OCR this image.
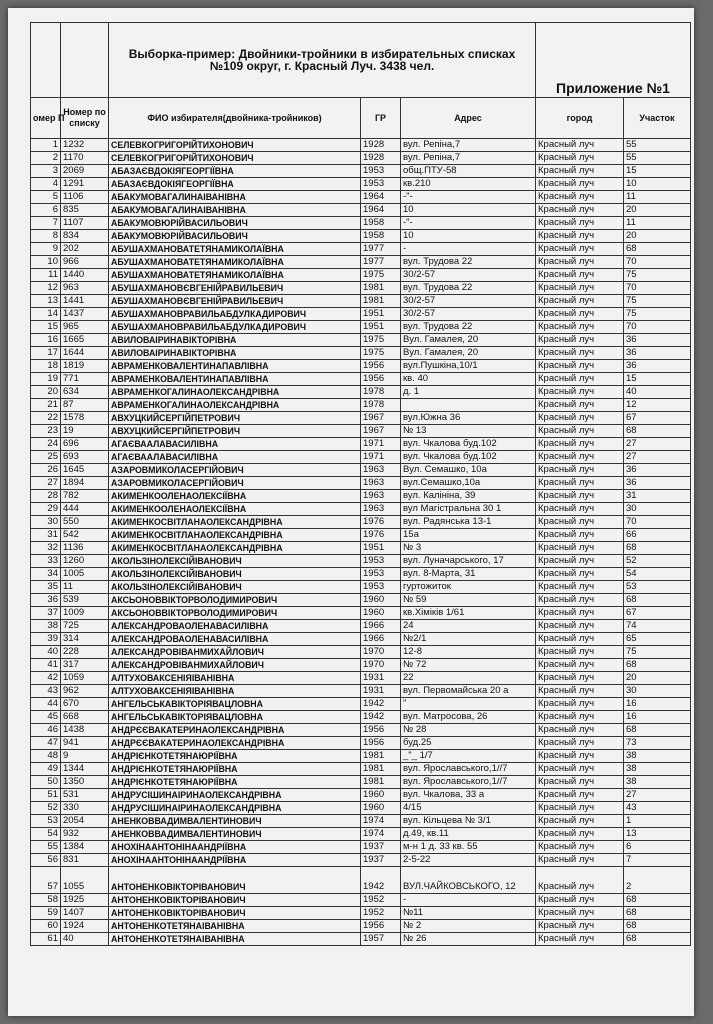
		Выборка-пример: Двойники-тройники в избирательных списках
№109 округ, г. Красный Луч. 3438 чел.			Приложение №1	
омер П	Номер по списку	ФИО избирателя(двойника-тройников)	ГР	Адрес	город	Участок
1	1232	СЕЛЕВКОГРИГОРІЙТИХОНОВИЧ	1928	вул. Репіна,7	Красный луч	55
2	1170	СЕЛЕВКОГРИГОРІЙТИХОНОВИЧ	1928	вул. Репіна,7	Красный луч	55
3	2069	АБАЗАЄВДОКІЯГЕОРГІЇВНА	1953	общ.ПТУ-58	Красный луч	15
4	1291	АБАЗАЄВДОКІЯГЕОРГІЇВНА	1953	кв.210	Красный луч	10
5	1106	АБАКУМОВАГАЛИНАІВАНІВНА	1964	-"-	Красный луч	11
6	835	АБАКУМОВАГАЛИНАІВАНІВНА	1964	10	Красный луч	20
7	1107	АБАКУМОВЮРІЙВАСИЛЬОВИЧ	1958	-"-	Красный луч	11
8	834	АБАКУМОВЮРІЙВАСИЛЬОВИЧ	1958	10	Красный луч	20
9	202	АБУШАХМАНОВАТЕТЯНАМИКОЛАЇВНА	1977	-	Красный луч	68
10	966	АБУШАХМАНОВАТЕТЯНАМИКОЛАЇВНА	1977	вул. Трудова 22	Красный луч	70
11	1440	АБУШАХМАНОВАТЕТЯНАМИКОЛАЇВНА	1975	30/2-57	Красный луч	75
12	963	АБУШАХМАНОВЄВГЕНІЙРАВИЛЬЕВИЧ	1981	вул. Трудова 22	Красный луч	70
13	1441	АБУШАХМАНОВЄВГЕНІЙРАВИЛЬЕВИЧ	1981	30/2-57	Красный луч	75
14	1437	АБУШАХМАНОВРАВИЛЬАБДУЛКАДИРОВИЧ	1951	30/2-57	Красный луч	75
15	965	АБУШАХМАНОВРАВИЛЬАБДУЛКАДИРОВИЧ	1951	вул. Трудова 22	Красный луч	70
16	1665	АВИЛОВАІРИНАВІКТОРІВНА	1975	Вул. Гамалея, 20	Красный луч	36
17	1644	АВИЛОВАІРИНАВІКТОРІВНА	1975	Вул. Гамалея, 20	Красный луч	36
18	1819	АВРАМЕНКОВАЛЕНТИНАПАВЛІВНА	1956	вул.Пушкіна,10/1	Красный луч	36
19	771	АВРАМЕНКОВАЛЕНТИНАПАВЛІВНА	1956	кв. 40	Красный луч	15
20	634	АВРАМЕНКОГАЛИНАОЛЕКСАНДРІВНА	1978	д. 1	Красный луч	40
21	87	АВРАМЕНКОГАЛИНАОЛЕКСАНДРІВНА	1978		Красный луч	12
22	1578	АВХУЦКИЙСЕРГІЙПЕТРОВИЧ	1967	вул.Южна 36	Красный луч	67
23	19	АВХУЦКИЙСЕРГІЙПЕТРОВИЧ	1967	№ 13	Красный луч	68
24	696	АГАЄВААЛАВАСИЛІВНА	1971	вул. Чкалова буд.102	Красный луч	27
25	693	АГАЄВААЛАВАСИЛІВНА	1971	вул. Чкалова буд.102	Красный луч	27
26	1645	АЗАРОВМИКОЛАСЕРГІЙОВИЧ	1963	Вул. Семашко, 10а	Красный луч	36
27	1894	АЗАРОВМИКОЛАСЕРГІЙОВИЧ	1963	вул.Семашко,10а	Красный луч	36
28	782	АКИМЕНКООЛЕНАОЛЕКСІЇВНА	1963	вул. Калініна, 39	Красный луч	31
29	444	АКИМЕНКООЛЕНАОЛЕКСІЇВНА	1963	вул Магістральна 30 1	Красный луч	30
30	550	АКИМЕНКОСВІТЛАНАОЛЕКСАНДРІВНА	1976	вул. Радянська 13-1	Красный луч	70
31	542	АКИМЕНКОСВІТЛАНАОЛЕКСАНДРІВНА	1976	15а	Красный луч	66
32	1136	АКИМЕНКОСВІТЛАНАОЛЕКСАНДРІВНА	1951	№ 3	Красный луч	68
33	1260	АКОЛЬЗІНОЛЕКСІЙІВАНОВИЧ	1953	вул. Луначарського, 17	Красный луч	52
34	1005	АКОЛЬЗІНОЛЕКСІЙІВАНОВИЧ	1953	вул. 8-Марта, 31	Красный луч	54
35	11	АКОЛЬЗІНОЛЕКСІЙІВАНОВИЧ	1953	гуртожиток	Красный луч	53
36	539	АКСЬОНОВВІКТОРВОЛОДИМИРОВИЧ	1960	№ 59	Красный луч	68
37	1009	АКСЬОНОВВІКТОРВОЛОДИМИРОВИЧ	1960	кв.Хіміків 1/61	Красный луч	67
38	725	АЛЕКСАНДРОВАОЛЕНАВАСИЛІВНА	1966	24	Красный луч	74
39	314	АЛЕКСАНДРОВАОЛЕНАВАСИЛІВНА	1966	№2/1	Красный луч	65
40	228	АЛЕКСАНДРОВІВАНМИХАЙЛОВИЧ	1970	12-8	Красный луч	75
41	317	АЛЕКСАНДРОВІВАНМИХАЙЛОВИЧ	1970	№ 72	Красный луч	68
42	1059	АЛТУХОВАКСЕНІЯІВАНІВНА	1931	22	Красный луч	20
43	962	АЛТУХОВАКСЕНІЯІВАНІВНА	1931	вул. Первомайська 20 а	Красный луч	30
44	670	АНГЕЛЬСЬКАВІКТОРІЯВАЦЛОВНА	1942	"	Красный луч	16
45	668	АНГЕЛЬСЬКАВІКТОРІЯВАЦЛОВНА	1942	вул. Матросова, 26	Красный луч	16
46	1438	АНДРЄЄВАКАТЕРИНАОЛЕКСАНДРІВНА	1956	№ 28	Красный луч	68
47	941	АНДРЄЄВАКАТЕРИНАОЛЕКСАНДРІВНА	1956	буд.25	Красный луч	73
48	9	АНДРІЄНКОТЕТЯНАЮРІЇВНА	1981	_"_ 1/7	Красный луч	38
49	1344	АНДРІЄНКОТЕТЯНАЮРІЇВНА	1981	вул. Ярославського,1//7	Красный луч	38
50	1350	АНДРІЄНКОТЕТЯНАЮРІЇВНА	1981	вул. Ярославського,1//7	Красный луч	38
51	531	АНДРУСІШИНАІРИНАОЛЕКСАНДРІВНА	1960	вул. Чкалова, 33 а	Красный луч	27
52	330	АНДРУСІШИНАІРИНАОЛЕКСАНДРІВНА	1960	4/15	Красный луч	43
53	2054	АНЕНКОВВАДИМВАЛЕНТИНОВИЧ	1974	вул. Кільцева № 3/1	Красный луч	1
54	932	АНЕНКОВВАДИМВАЛЕНТИНОВИЧ	1974	д.49, кв.11	Красный луч	13
55	1384	АНОХІНААНТОНІНААНДРІЇВНА	1937	м-н 1 д. 33 кв. 55	Красный луч	6
56	831	АНОХІНААНТОНІНААНДРІЇВНА	1937	2-5-22	Красный луч	7
57	1055	АНТОНЕНКОВІКТОРІВАНОВИЧ	1942	ВУЛ.ЧАЙКОВСЬКОГО, 12	Красный луч	2
58	1925	АНТОНЕНКОВІКТОРІВАНОВИЧ	1952	-	Красный луч	68
59	1407	АНТОНЕНКОВІКТОРІВАНОВИЧ	1952	№11	Красный луч	68
60	1924	АНТОНЕНКОТЕТЯНАІВАНІВНА	1956	№ 2	Красный луч	68
61	40	АНТОНЕНКОТЕТЯНАІВАНІВНА	1957	№ 26	Красный луч	68
